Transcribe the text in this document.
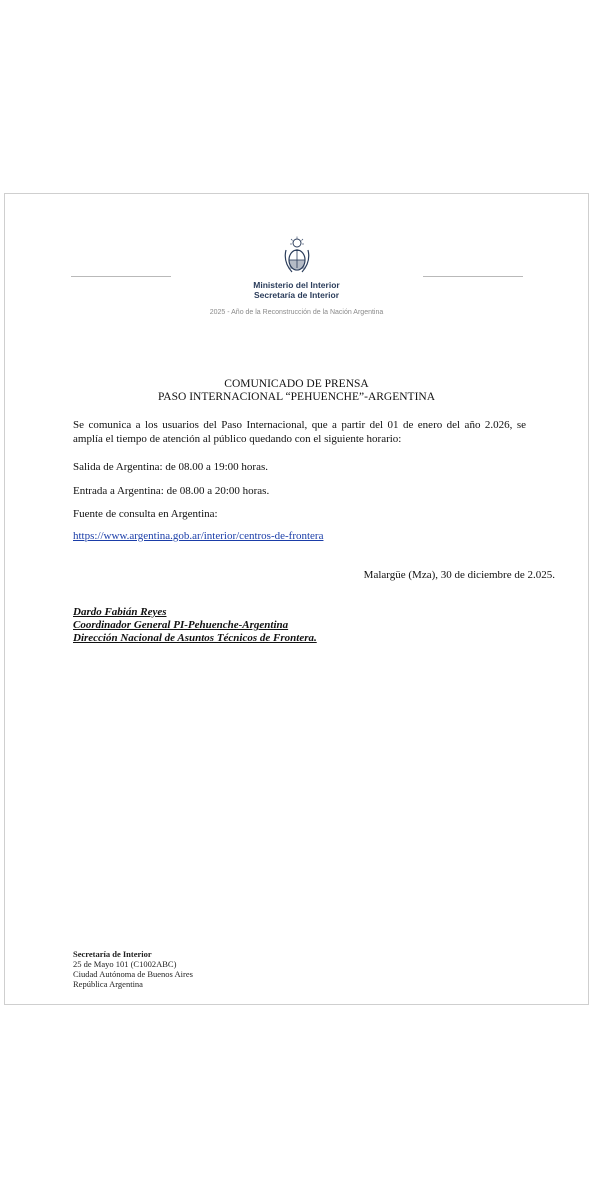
Ministerio del Interior
Secretaría de Interior
2025 - Año de la Reconstrucción de la Nación Argentina
COMUNICADO DE PRENSA
PASO INTERNACIONAL “PEHUENCHE”-ARGENTINA
Se comunica a los usuarios del Paso Internacional, que a partir del 01 de enero del año 2.026, se amplía el tiempo de atención al público quedando con el siguiente horario:
Salida de Argentina: de 08.00 a 19:00 horas.
Entrada a Argentina: de 08.00 a 20:00 horas.
Fuente de consulta en Argentina:
https://www.argentina.gob.ar/interior/centros-de-frontera
Malargüe (Mza), 30 de diciembre de 2.025.
Dardo Fabián Reyes
Coordinador General PI-Pehuenche-Argentina
Dirección Nacional de Asuntos Técnicos de Frontera.
Secretaría de Interior
25 de Mayo 101 (C1002ABC)
Ciudad Autónoma de Buenos Aires
República Argentina
